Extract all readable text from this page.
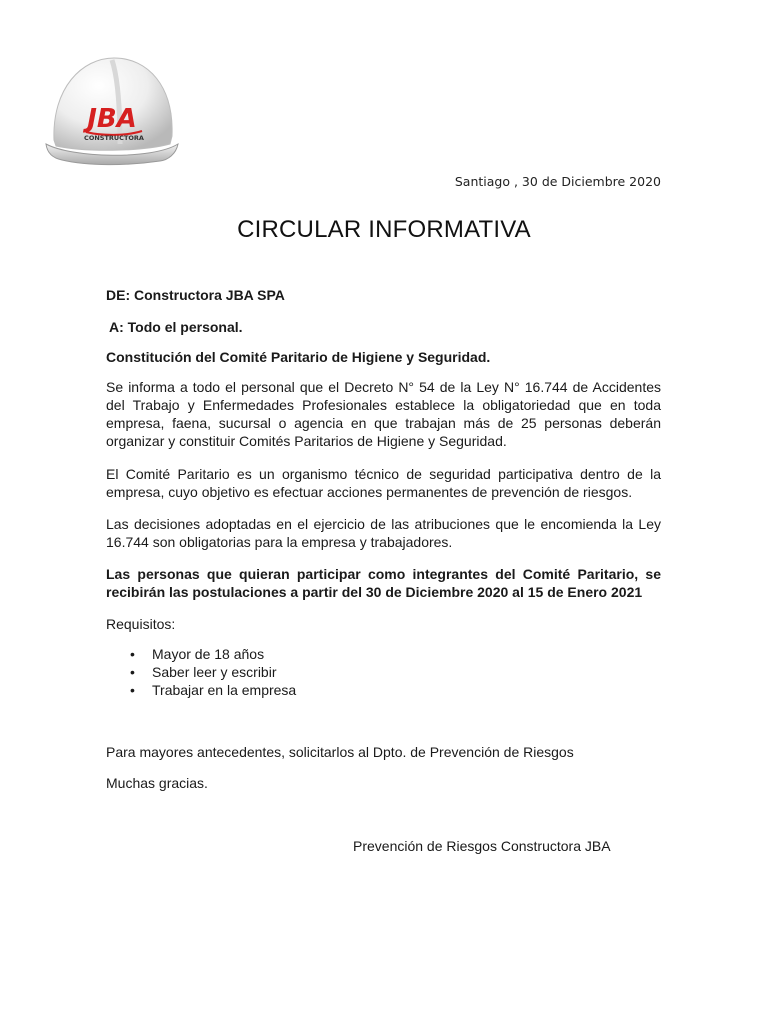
JBA
CONSTRUCTORA
Santiago , 30 de Diciembre 2020
CIRCULAR INFORMATIVA
DE: Constructora JBA SPA
A: Todo el personal.
Constitución del Comité Paritario de Higiene y Seguridad.
Se informa a todo el personal que el Decreto N° 54 de la Ley N° 16.744 de Accidentes del Trabajo y Enfermedades Profesionales establece la obligatoriedad que en toda empresa, faena, sucursal o agencia en que trabajan más de 25 personas deberán organizar y constituir Comités Paritarios de Higiene y Seguridad.
El Comité Paritario es un organismo técnico de seguridad participativa dentro de la empresa, cuyo objetivo es efectuar acciones permanentes de prevención de riesgos.
Las decisiones adoptadas en el ejercicio de las atribuciones que le encomienda la Ley 16.744 son obligatorias para la empresa y trabajadores.
Las personas que quieran participar como integrantes del Comité Paritario, se recibirán las postulaciones a partir del 30 de Diciembre 2020 al 15 de Enero 2021
Requisitos:
• Mayor de 18 años
• Saber leer y escribir
• Trabajar en la empresa
Para mayores antecedentes, solicitarlos al Dpto. de Prevención de Riesgos
Muchas gracias.
Prevención de Riesgos Constructora JBA
